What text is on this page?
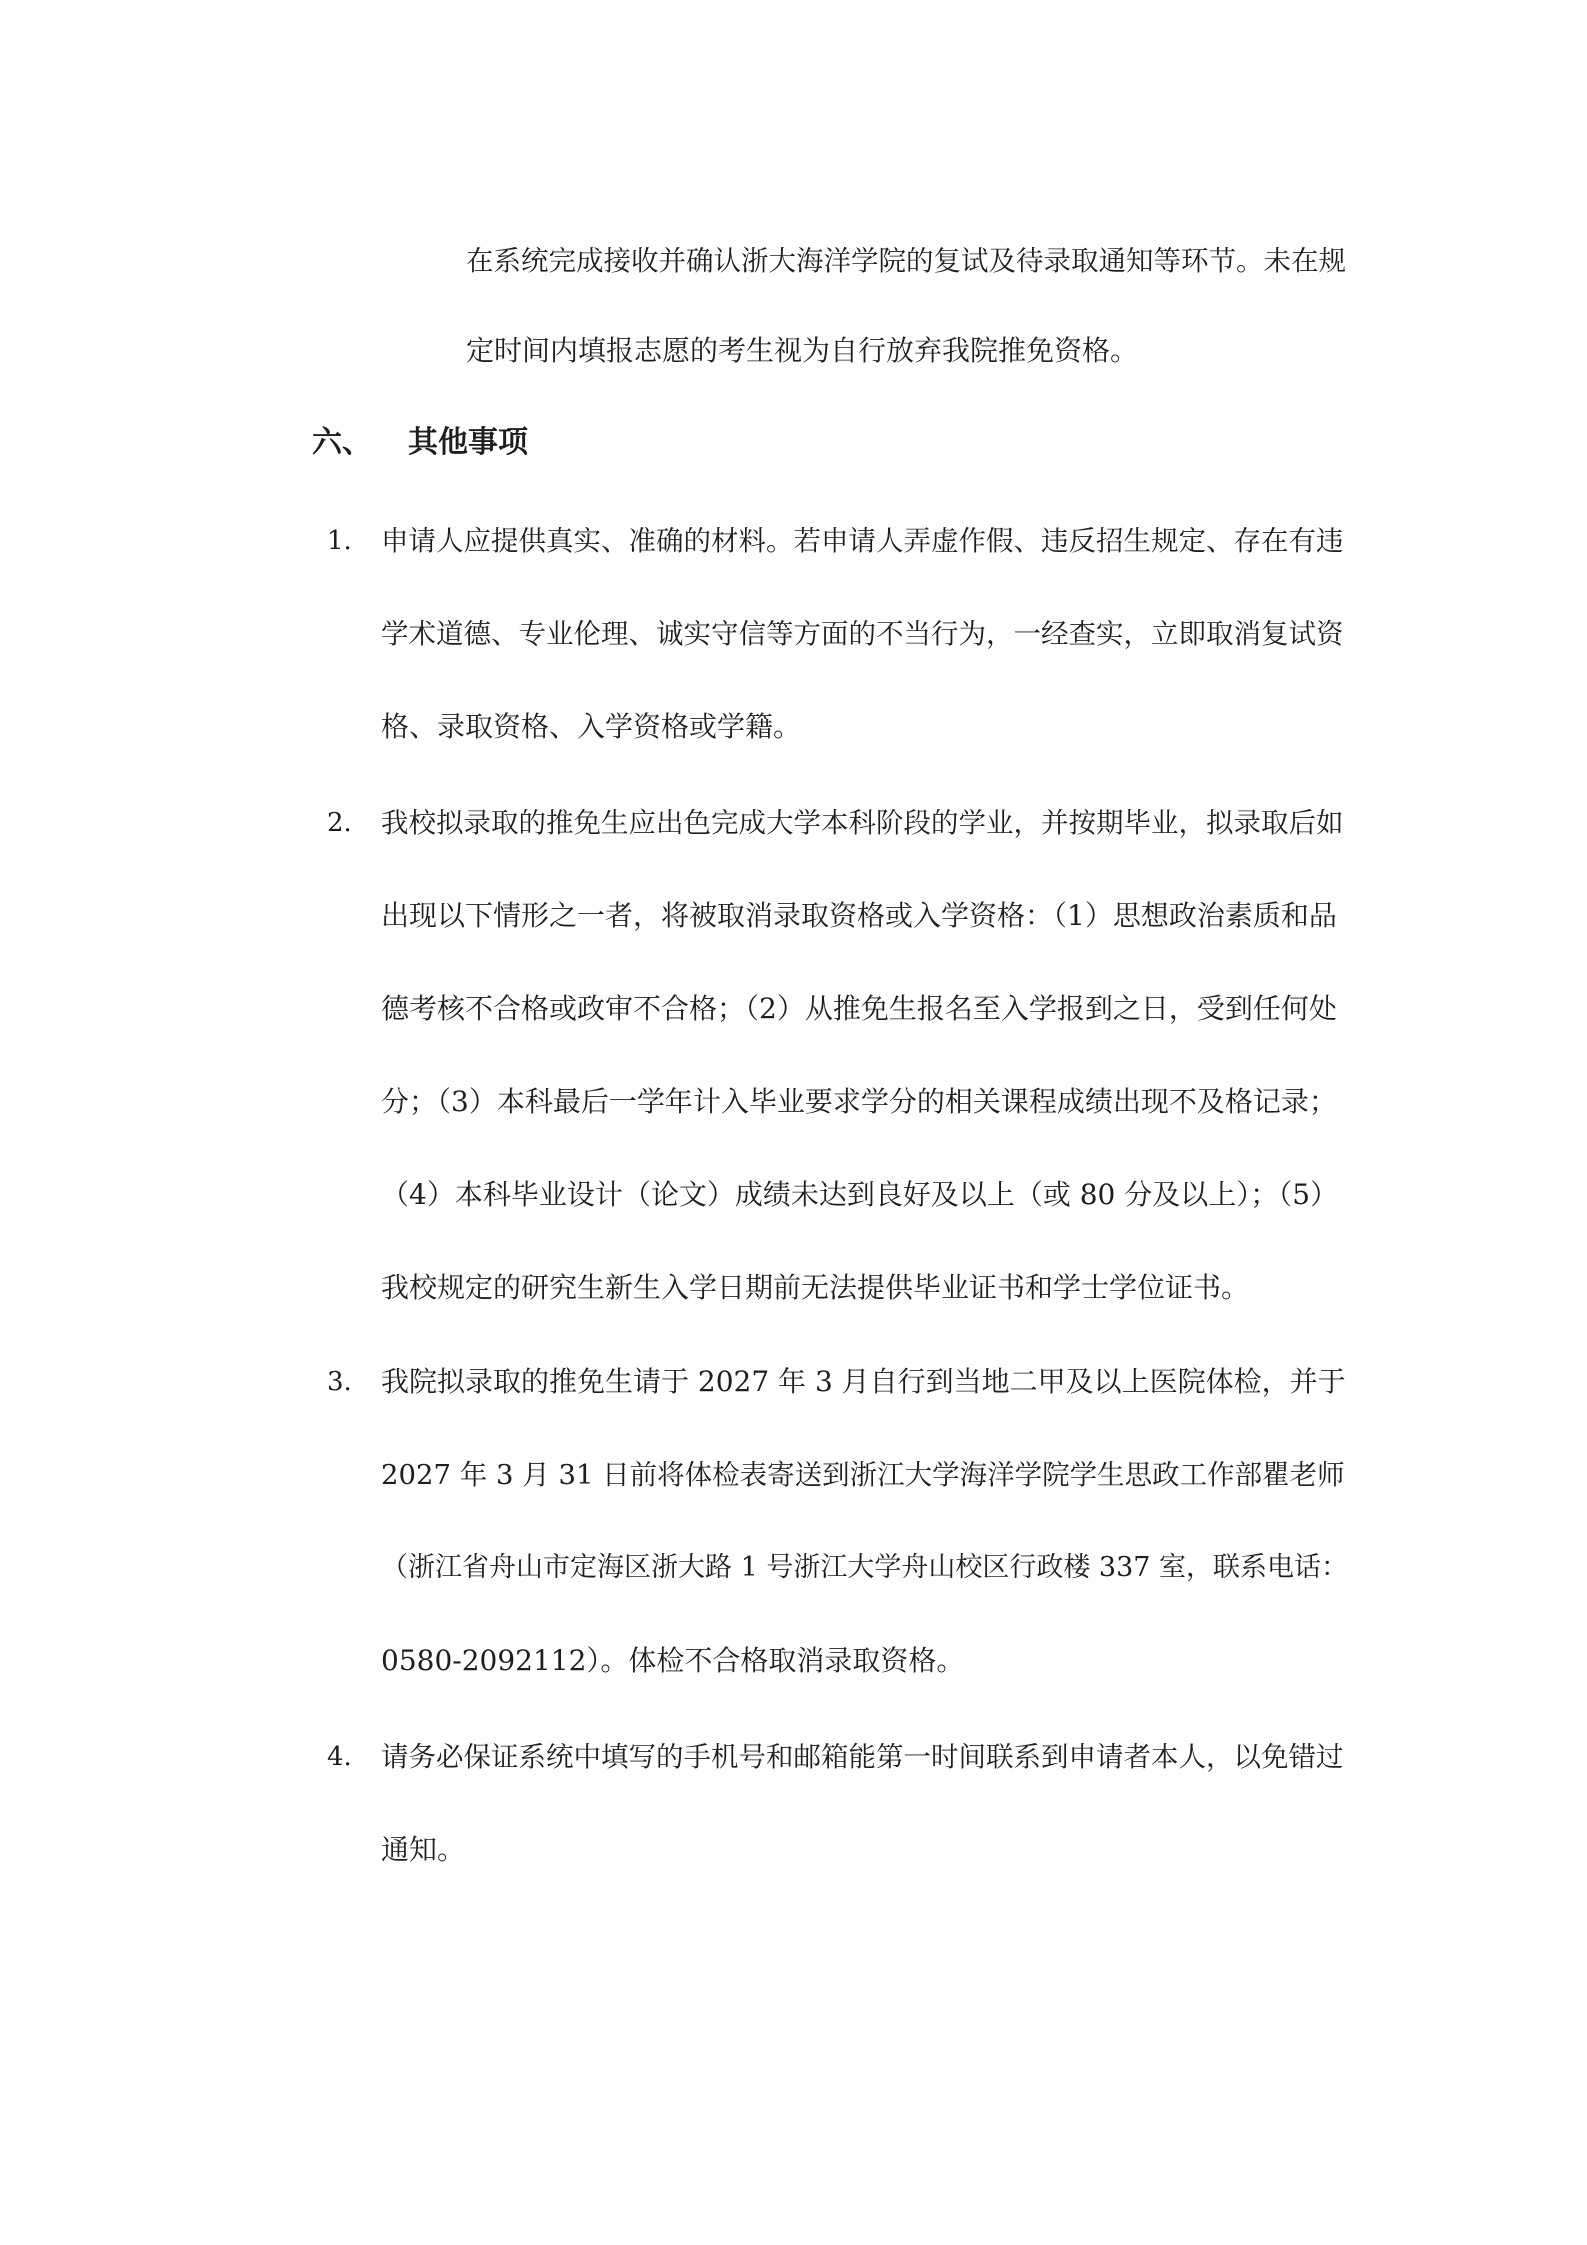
在系统完成接收并确认浙大海洋学院的复试及待录取通知等环节。未在规
定时间内填报志愿的考生视为自行放弃我院推免资格。
六、 其他事项
1. 申请人应提供真实、准确的材料。若申请人弄虚作假、违反招生规定、存在有违
学术道德、专业伦理、诚实守信等方面的不当行为，一经查实，立即取消复试资
格、录取资格、入学资格或学籍。
2. 我校拟录取的推免生应出色完成大学本科阶段的学业，并按期毕业，拟录取后如
出现以下情形之一者，将被取消录取资格或入学资格：（1）思想政治素质和品
德考核不合格或政审不合格；（2）从推免生报名至入学报到之日，受到任何处
分；（3）本科最后一学年计入毕业要求学分的相关课程成绩出现不及格记录；
（4）本科毕业设计（论文）成绩未达到良好及以上（或 80 分及以上）；（5）
我校规定的研究生新生入学日期前无法提供毕业证书和学士学位证书。
3. 我院拟录取的推免生请于 2027 年 3 月自行到当地二甲及以上医院体检，并于
2027 年 3 月 31 日前将体检表寄送到浙江大学海洋学院学生思政工作部瞿老师
（浙江省舟山市定海区浙大路 1 号浙江大学舟山校区行政楼 337 室，联系电话：
0580-2092112）。体检不合格取消录取资格。
4. 请务必保证系统中填写的手机号和邮箱能第一时间联系到申请者本人，以免错过
通知。
